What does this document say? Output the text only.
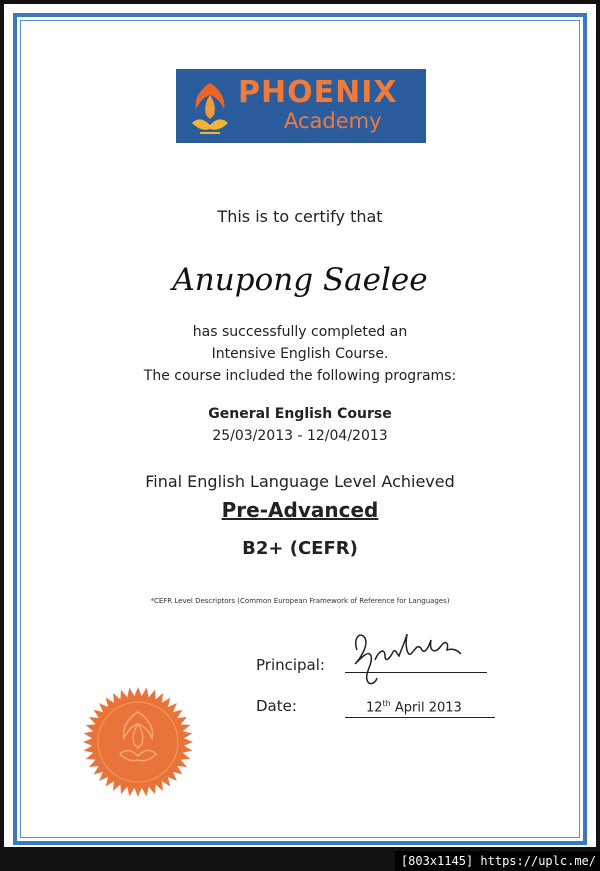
PHOENIX
Academy
This is to certify that
Anupong Saelee
has successfully completed an
Intensive English Course.
The course included the following programs:
General English Course
25/03/2013 - 12/04/2013
Final English Language Level Achieved
Pre-Advanced
B2+ (CEFR)
*CEFR Level Descriptors (Common European Framework of Reference for Languages)
Principal:
Date:	12th April 2013
[803x1145] https://uplc.me/
